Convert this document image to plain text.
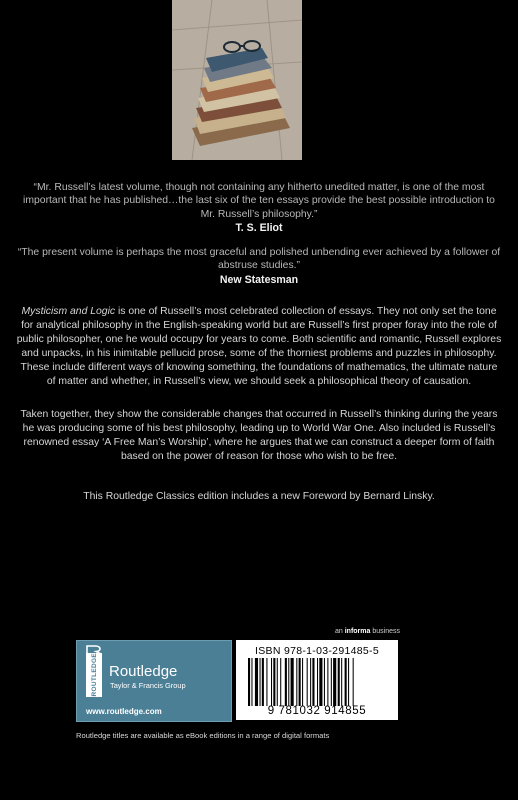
“Mr. Russell’s latest volume, though not containing any hitherto unedited matter, is one of the most important that he has published…the last six of the ten essays provide the best possible introduction to Mr. Russell’s philosophy.”
T. S. Eliot
“The present volume is perhaps the most graceful and polished unbending ever achieved by a follower of abstruse studies.”
New Statesman

Mysticism and Logic is one of Russell’s most celebrated collection of essays. They not only set the tone for analytical philosophy in the English-speaking world but are Russell’s first proper foray into the role of public philosopher, one he would occupy for years to come. Both scientific and romantic, Russell explores and unpacks, in his inimitable pellucid prose, some of the thorniest problems and puzzles in philosophy. These include different ways of knowing something, the foundations of mathematics, the ultimate nature of matter and whether, in Russell’s view, we should seek a philosophical theory of causation.

Taken together, they show the considerable changes that occurred in Russell’s thinking during the years he was producing some of his best philosophy, leading up to World War One. Also included is Russell’s renowned essay ‘A Free Man’s Worship’, where he argues that we can construct a deeper form of faith based on the power of reason for those who wish to be free.

This Routledge Classics edition includes a new Foreword by Bernard Linsky.

an informa business
ROUTLEDGE Routledge
Taylor & Francis Group
www.routledge.com
ISBN 978-1-03-291485-5
9 781032 914855
Routledge titles are available as eBook editions in a range of digital formats
